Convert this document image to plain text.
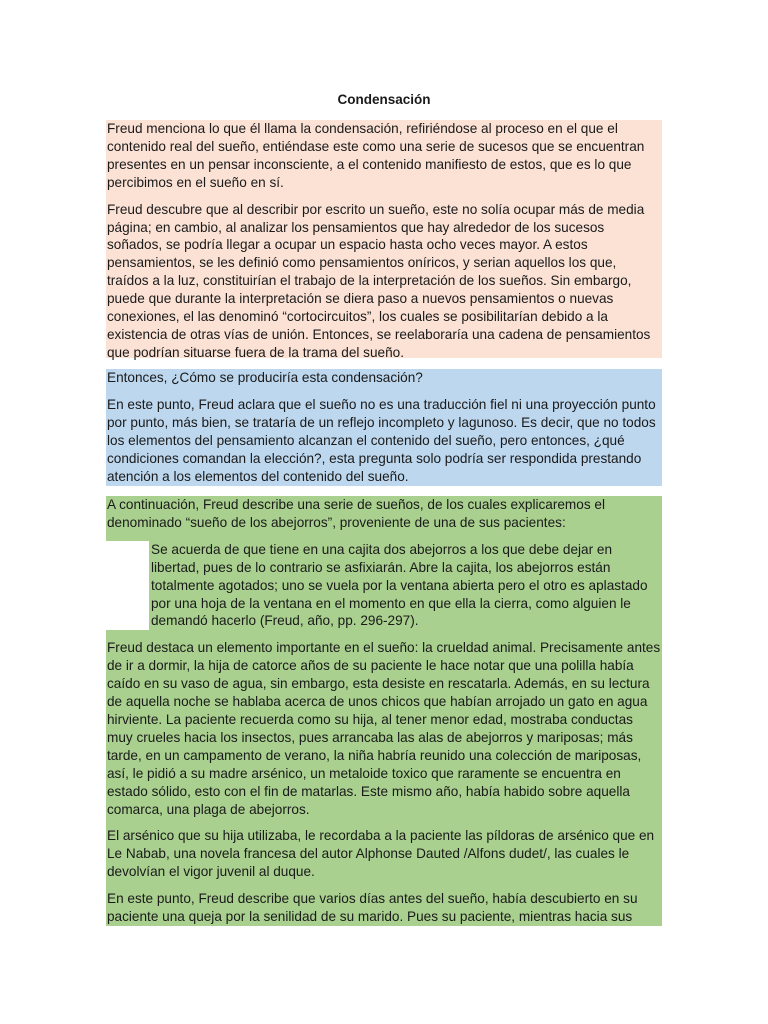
Condensación

Freud menciona lo que él llama la condensación, refiriéndose al proceso en el que el contenido real del sueño, entiéndase este como una serie de sucesos que se encuentran presentes en un pensar inconsciente, a el contenido manifiesto de estos, que es lo que percibimos en el sueño en sí.

Freud descubre que al describir por escrito un sueño, este no solía ocupar más de media página; en cambio, al analizar los pensamientos que hay alrededor de los sucesos soñados, se podría llegar a ocupar un espacio hasta ocho veces mayor. A estos pensamientos, se les definió como pensamientos oníricos, y serian aquellos los que, traídos a la luz, constituirían el trabajo de la interpretación de los sueños. Sin embargo, puede que durante la interpretación se diera paso a nuevos pensamientos o nuevas conexiones, el las denominó “cortocircuitos”, los cuales se posibilitarían debido a la existencia de otras vías de unión. Entonces, se reelaboraría una cadena de pensamientos que podrían situarse fuera de la trama del sueño.

Entonces, ¿Cómo se produciría esta condensación?

En este punto, Freud aclara que el sueño no es una traducción fiel ni una proyección punto por punto, más bien, se trataría de un reflejo incompleto y lagunoso. Es decir, que no todos los elementos del pensamiento alcanzan el contenido del sueño, pero entonces, ¿qué condiciones comandan la elección?, esta pregunta solo podría ser respondida prestando atención a los elementos del contenido del sueño.

A continuación, Freud describe una serie de sueños, de los cuales explicaremos el denominado “sueño de los abejorros”, proveniente de una de sus pacientes:

Se acuerda de que tiene en una cajita dos abejorros a los que debe dejar en libertad, pues de lo contrario se asfixiarán. Abre la cajita, los abejorros están totalmente agotados; uno se vuela por la ventana abierta pero el otro es aplastado por una hoja de la ventana en el momento en que ella la cierra, como alguien le demandó hacerlo (Freud, año, pp. 296-297).

Freud destaca un elemento importante en el sueño: la crueldad animal. Precisamente antes de ir a dormir, la hija de catorce años de su paciente le hace notar que una polilla había caído en su vaso de agua, sin embargo, esta desiste en rescatarla. Además, en su lectura de aquella noche se hablaba acerca de unos chicos que habían arrojado un gato en agua hirviente. La paciente recuerda como su hija, al tener menor edad, mostraba conductas muy crueles hacia los insectos, pues arrancaba las alas de abejorros y mariposas; más tarde, en un campamento de verano, la niña habría reunido una colección de mariposas, así, le pidió a su madre arsénico, un metaloide toxico que raramente se encuentra en estado sólido, esto con el fin de matarlas. Este mismo año, había habido sobre aquella comarca, una plaga de abejorros.

El arsénico que su hija utilizaba, le recordaba a la paciente las píldoras de arsénico que en Le Nabab, una novela francesa del autor Alphonse Dauted /Alfons dudet/, las cuales le devolvían el vigor juvenil al duque.

En este punto, Freud describe que varios días antes del sueño, había descubierto en su paciente una queja por la senilidad de su marido. Pues su paciente, mientras hacia sus
